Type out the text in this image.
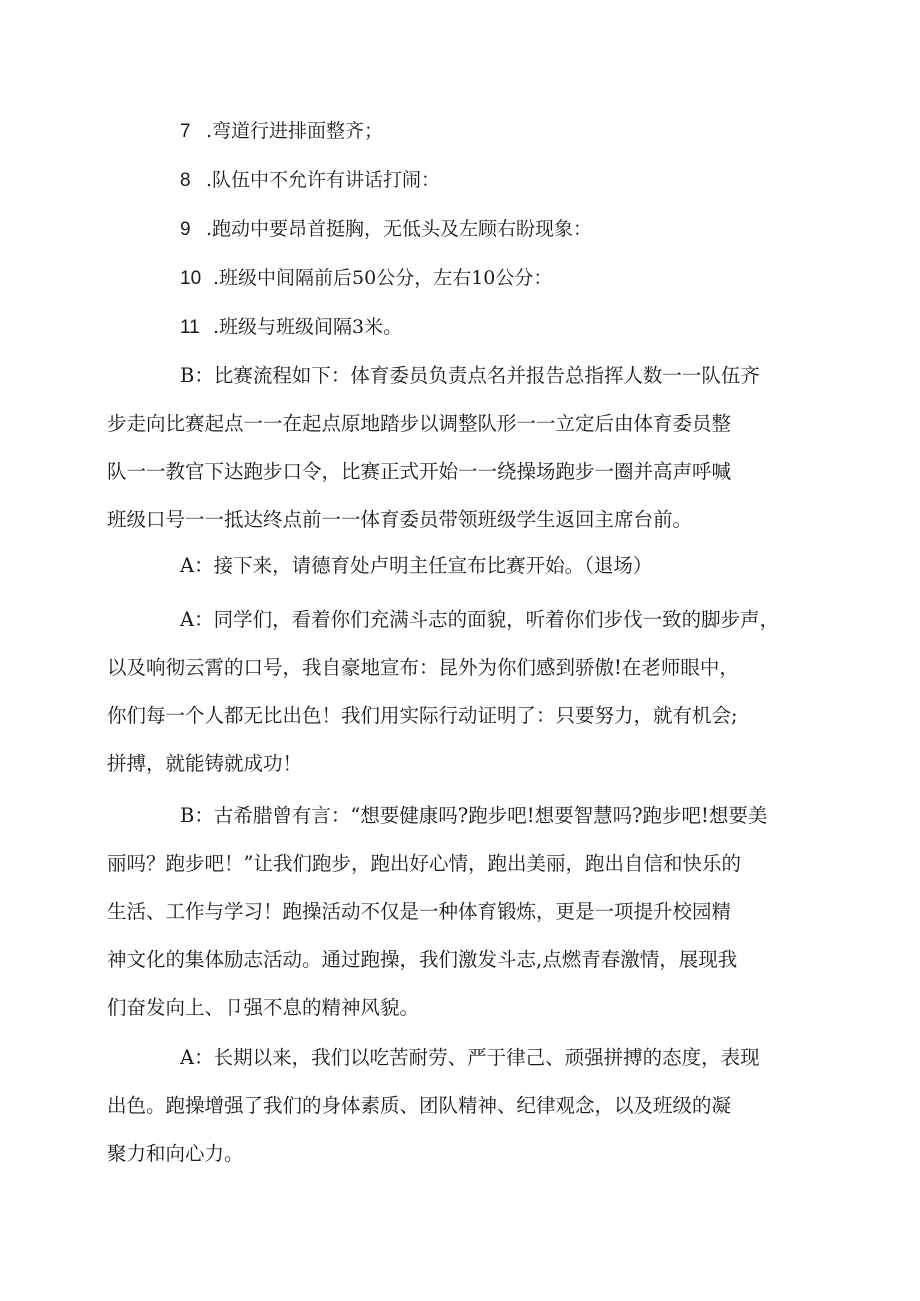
7 .弯道行进排面整齐；
8 .队伍中不允许有讲话打闹：
9 .跑动中要昂首挺胸，无低头及左顾右盼现象：
10 .班级中间隔前后50公分，左右10公分：
11 .班级与班级间隔3米。
B：比赛流程如下：体育委员负责点名并报告总指挥人数一一队伍齐
步走向比赛起点一一在起点原地踏步以调整队形一一立定后由体育委员整
队一一教官下达跑步口令，比赛正式开始一一绕操场跑步一圈并高声呼喊
班级口号一一抵达终点前一一体育委员带领班级学生返回主席台前。
A：接下来，请德育处卢明主任宣布比赛开始。（退场）
A：同学们，看着你们充满斗志的面貌，听着你们步伐一致的脚步声，
以及响彻云霄的口号，我自豪地宣布：昆外为你们感到骄傲!在老师眼中，
你们每一个人都无比出色！我们用实际行动证明了：只要努力，就有机会;
拼搏，就能铸就成功！
B：古希腊曾有言：“想要健康吗?跑步吧!想要智慧吗?跑步吧!想要美
丽吗？跑步吧！”让我们跑步，跑出好心情，跑出美丽，跑出自信和快乐的
生活、工作与学习！跑操活动不仅是一种体育锻炼，更是一项提升校园精
神文化的集体励志活动。通过跑操，我们激发斗志,点燃青春激情，展现我
们奋发向上、卩强不息的精神风貌。
A：长期以来，我们以吃苦耐劳、严于律己、顽强拼搏的态度，表现
出色。跑操增强了我们的身体素质、团队精神、纪律观念，以及班级的凝
聚力和向心力。
